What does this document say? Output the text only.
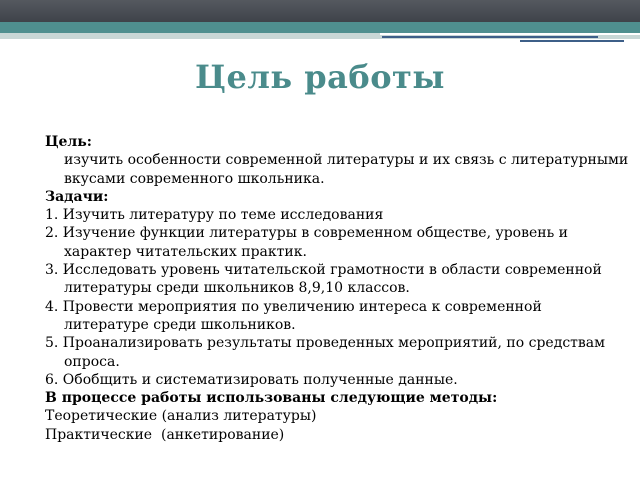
Цель работы

Цель:

изучить особенности современной литературы и их связь с литературными вкусами современного школьника.

Задачи:

1. Изучить литературу по теме исследования

2. Изучение функции литературы в современном обществе, уровень и характер читательских практик.

3. Исследовать уровень читательской грамотности в области современной литературы среди школьников 8,9,10 классов.

4. Провести мероприятия по увеличению интереса к современной литературе среди школьников.

5. Проанализировать результаты проведенных мероприятий, по средствам опроса.

6. Обобщить и систематизировать полученные данные.

В процессе работы использованы следующие методы:

Теоретические (анализ литературы)

Практические  (анкетирование)
